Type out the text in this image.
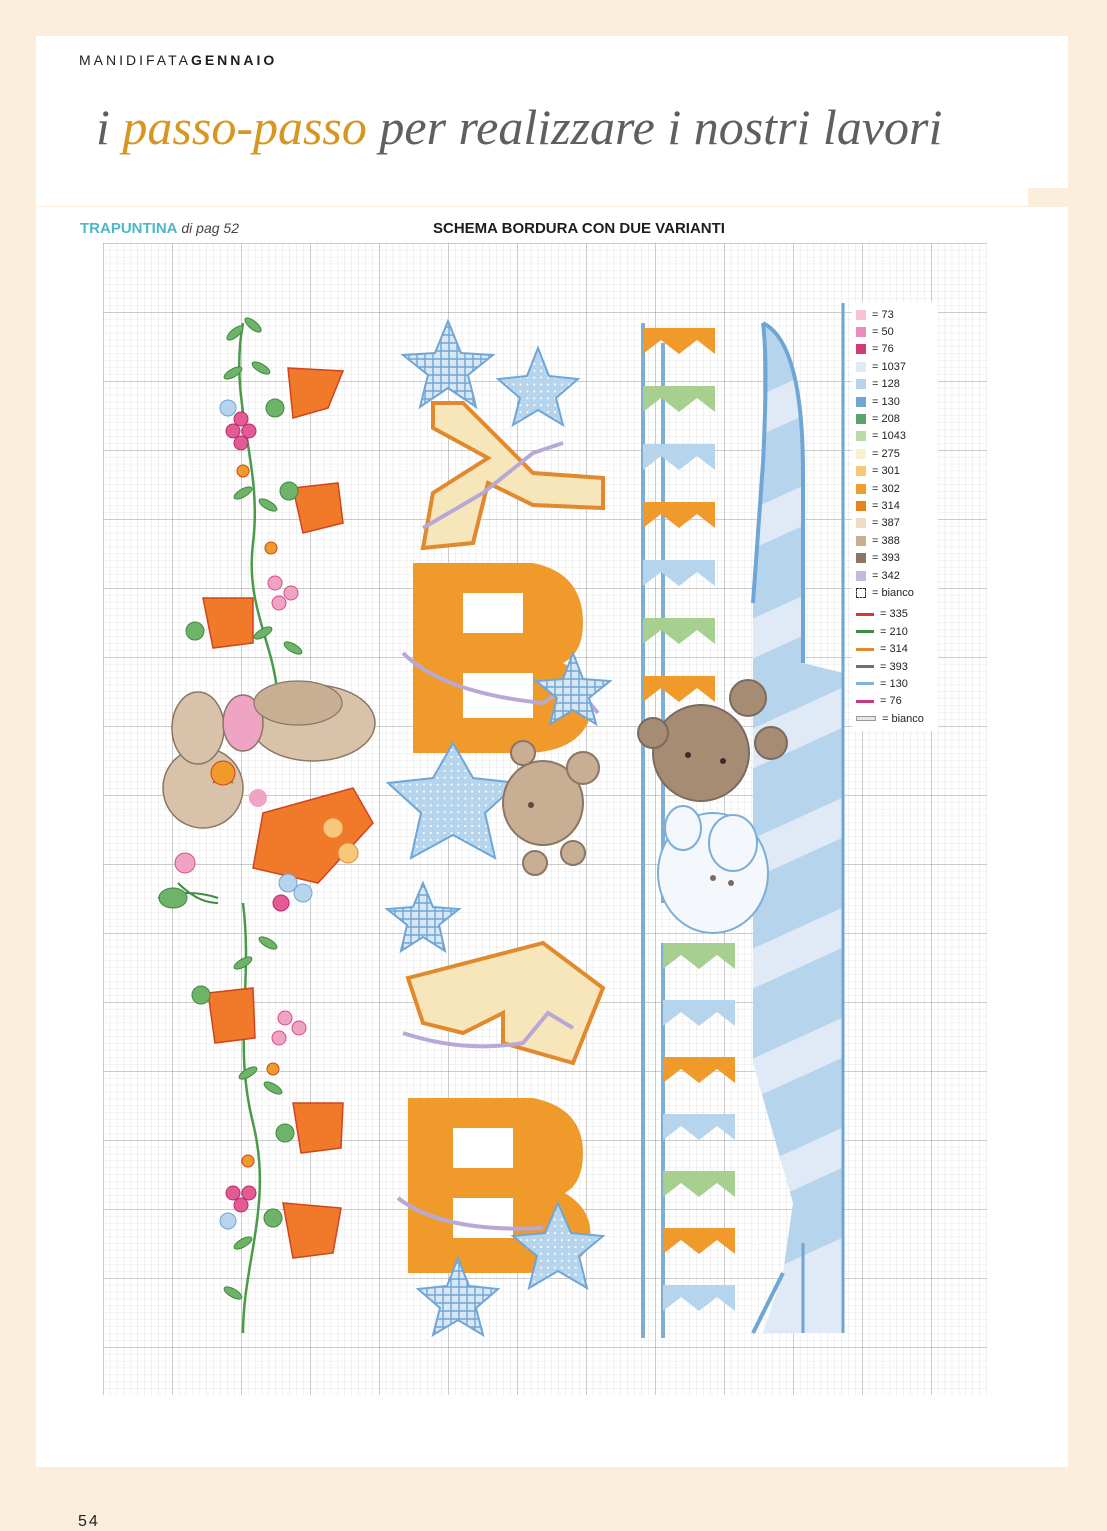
MANIDIFATAGENNAIO
i passo-passo per realizzare i nostri lavori
TRAPUNTINA di pag 52	SCHEMA BORDURA CON DUE VARIANTI
= 73
= 50
= 76
= 1037
= 128
= 130
= 208
= 1043
= 275
= 301
= 302
= 314
= 387
= 388
= 393
= 342
= bianco
= 335
= 210
= 314
= 393
= 130
= 76
= bianco
54
